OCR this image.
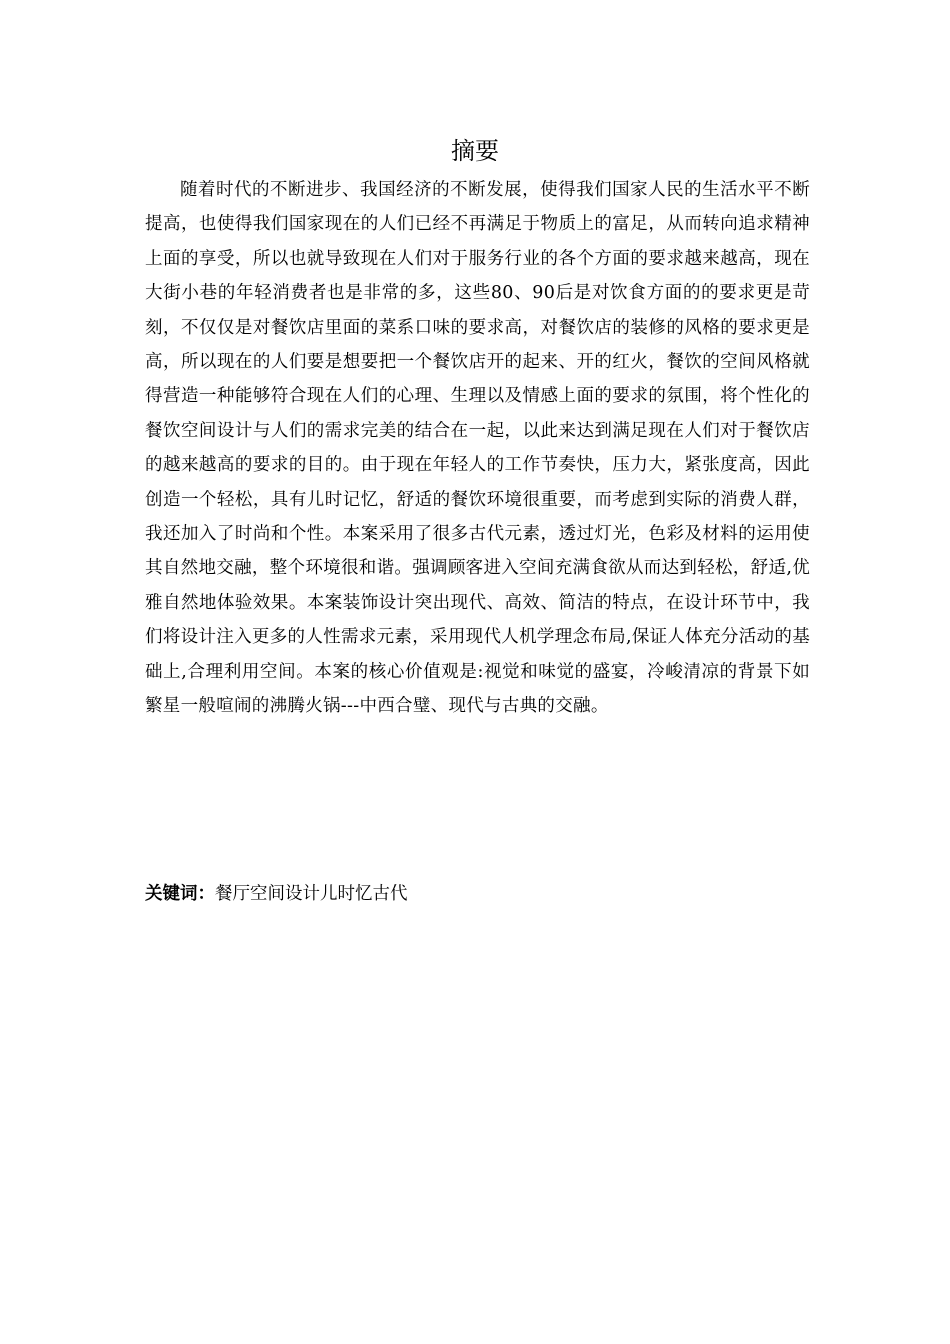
摘要

随着时代的不断进步、我国经济的不断发展，使得我们国家人民的生活水平不断提高，也使得我们国家现在的人们已经不再满足于物质上的富足，从而转向追求精神上面的享受，所以也就导致现在人们对于服务行业的各个方面的要求越来越高，现在大街小巷的年轻消费者也是非常的多，这些80、90后是对饮食方面的的要求更是苛刻，不仅仅是对餐饮店里面的菜系口味的要求高，对餐饮店的装修的风格的要求更是高，所以现在的人们要是想要把一个餐饮店开的起来、开的红火，餐饮的空间风格就得营造一种能够符合现在人们的心理、生理以及情感上面的要求的氛围，将个性化的餐饮空间设计与人们的需求完美的结合在一起，以此来达到满足现在人们对于餐饮店的越来越高的要求的目的。由于现在年轻人的工作节奏快，压力大，紧张度高，因此创造一个轻松，具有儿时记忆，舒适的餐饮环境很重要，而考虑到实际的消费人群，我还加入了时尚和个性。本案采用了很多古代元素，透过灯光，色彩及材料的运用使其自然地交融，整个环境很和谐。强调顾客进入空间充满食欲从而达到轻松，舒适,优雅自然地体验效果。本案装饰设计突出现代、高效、简洁的特点，在设计环节中，我们将设计注入更多的人性需求元素，采用现代人机学理念布局,保证人体充分活动的基础上,合理利用空间。本案的核心价值观是:视觉和味觉的盛宴，冷峻清凉的背景下如繁星一般喧闹的沸腾火锅---中西合璧、现代与古典的交融。

关键词：餐厅空间设计儿时忆古代
